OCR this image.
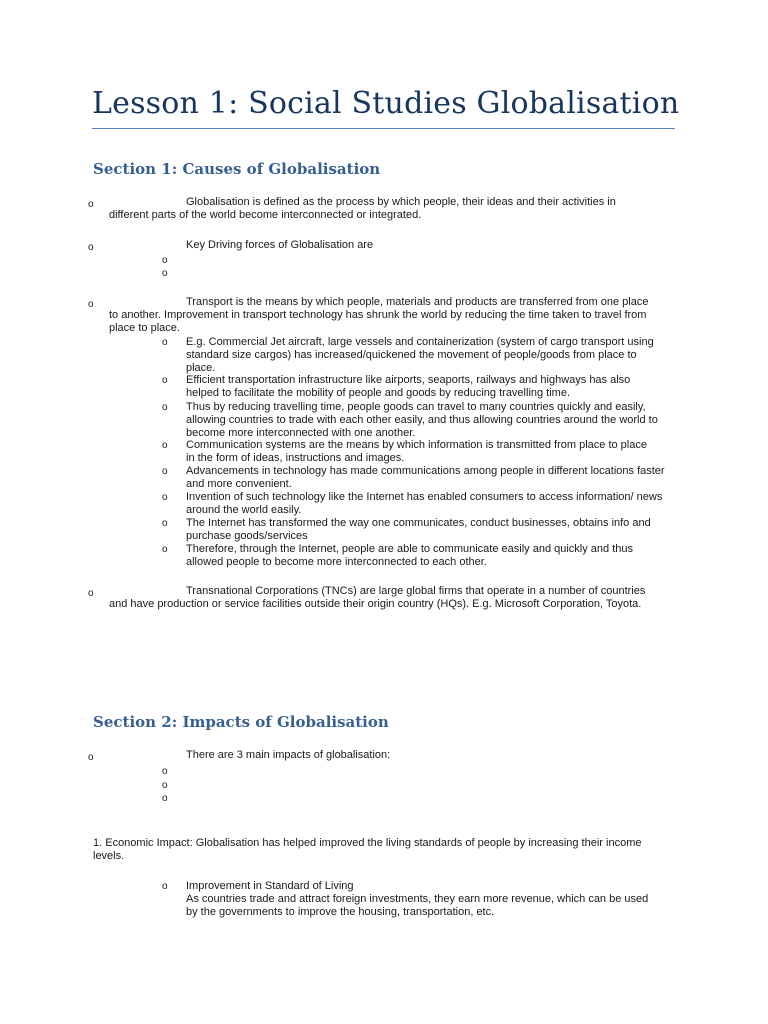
Lesson 1: Social Studies Globalisation
Section 1: Causes of Globalisation
o	Globalisation is defined as the process by which people, their ideas and their activities in different parts of the world become interconnected or integrated.
o	Key Driving forces of Globalisation are
o
o
o	Transport is the means by which people, materials and products are transferred from one place to another. Improvement in transport technology has shrunk the world by reducing the time taken to travel from place to place.
o E.g. Commercial Jet aircraft, large vessels and containerization (system of cargo transport using standard size cargos) has increased/quickened the movement of people/goods from place to place.
o Efficient transportation infrastructure like airports, seaports, railways and highways has also helped to facilitate the mobility of people and goods by reducing travelling time.
o Thus by reducing travelling time, people goods can travel to many countries quickly and easily, allowing countries to trade with each other easily, and thus allowing countries around the world to become more interconnected with one another.
o Communication systems are the means by which information is transmitted from place to place in the form of ideas, instructions and images.
o Advancements in technology has made communications among people in different locations faster and more convenient.
o Invention of such technology like the Internet has enabled consumers to access information/ news around the world easily.
o The Internet has transformed the way one communicates, conduct businesses, obtains info and purchase goods/services
o Therefore, through the Internet, people are able to communicate easily and quickly and thus allowed people to become more interconnected to each other.
o	Transnational Corporations (TNCs) are large global firms that operate in a number of countries and have production or service facilities outside their origin country (HQs). E.g. Microsoft Corporation, Toyota.
Section 2: Impacts of Globalisation
o	There are 3 main impacts of globalisation:
o
o
o
1. Economic Impact: Globalisation has helped improved the living standards of people by increasing their income levels.
o Improvement in Standard of Living
As countries trade and attract foreign investments, they earn more revenue, which can be used by the governments to improve the housing, transportation, etc.
